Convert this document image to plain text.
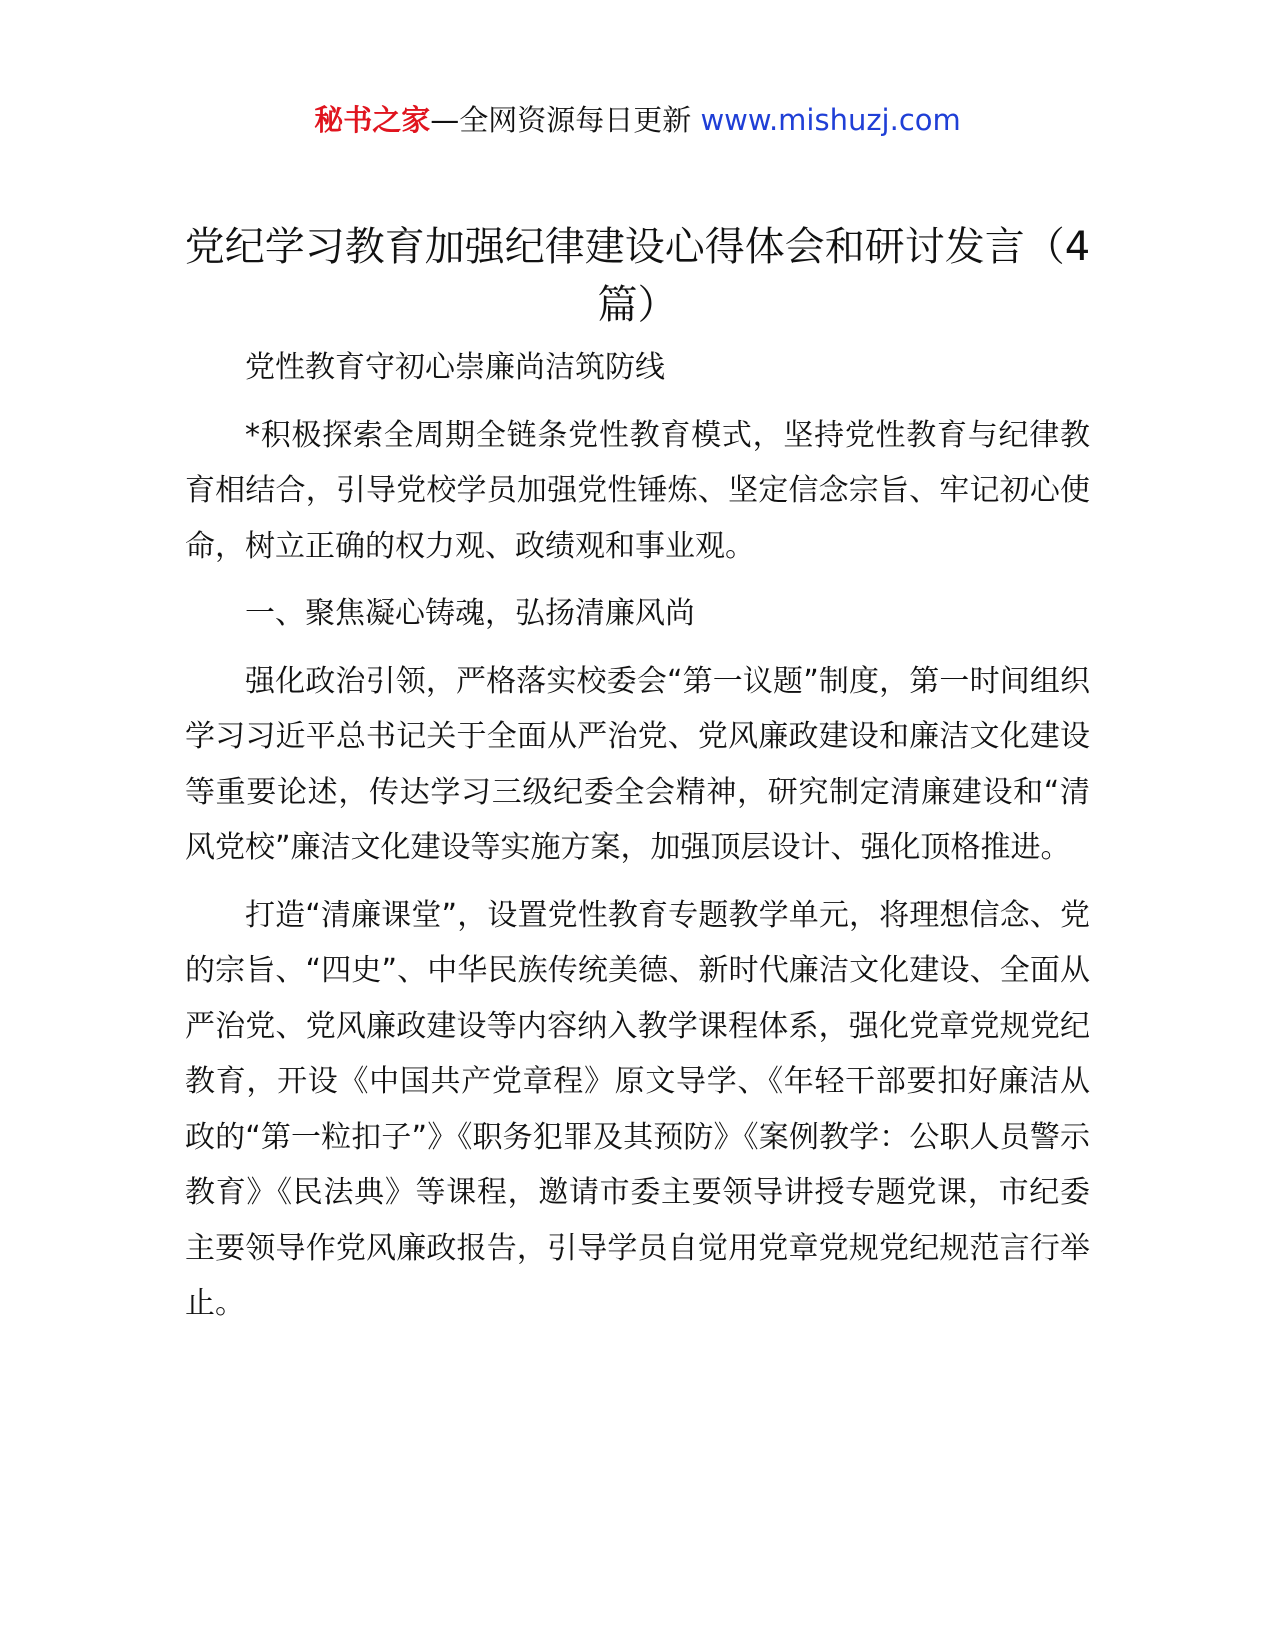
秘书之家—全网资源每日更新 www.mishuzj.com
党纪学习教育加强纪律建设心得体会和研讨发言（4篇）

党性教育守初心崇廉尚洁筑防线

*积极探索全周期全链条党性教育模式，坚持党性教育与纪律教育相结合，引导党校学员加强党性锤炼、坚定信念宗旨、牢记初心使命，树立正确的权力观、政绩观和事业观。

一、聚焦凝心铸魂，弘扬清廉风尚

强化政治引领，严格落实校委会“第一议题”制度，第一时间组织学习习近平总书记关于全面从严治党、党风廉政建设和廉洁文化建设等重要论述，传达学习三级纪委全会精神，研究制定清廉建设和“清风党校”廉洁文化建设等实施方案，加强顶层设计、强化顶格推进。

打造“清廉课堂”，设置党性教育专题教学单元，将理想信念、党的宗旨、“四史”、中华民族传统美德、新时代廉洁文化建设、全面从严治党、党风廉政建设等内容纳入教学课程体系，强化党章党规党纪教育，开设《中国共产党章程》原文导学、《年轻干部要扣好廉洁从政的“第一粒扣子”》《职务犯罪及其预防》《案例教学：公职人员警示教育》《民法典》等课程，邀请市委主要领导讲授专题党课，市纪委主要领导作党风廉政报告，引导学员自觉用党章党规党纪规范言行举止。
